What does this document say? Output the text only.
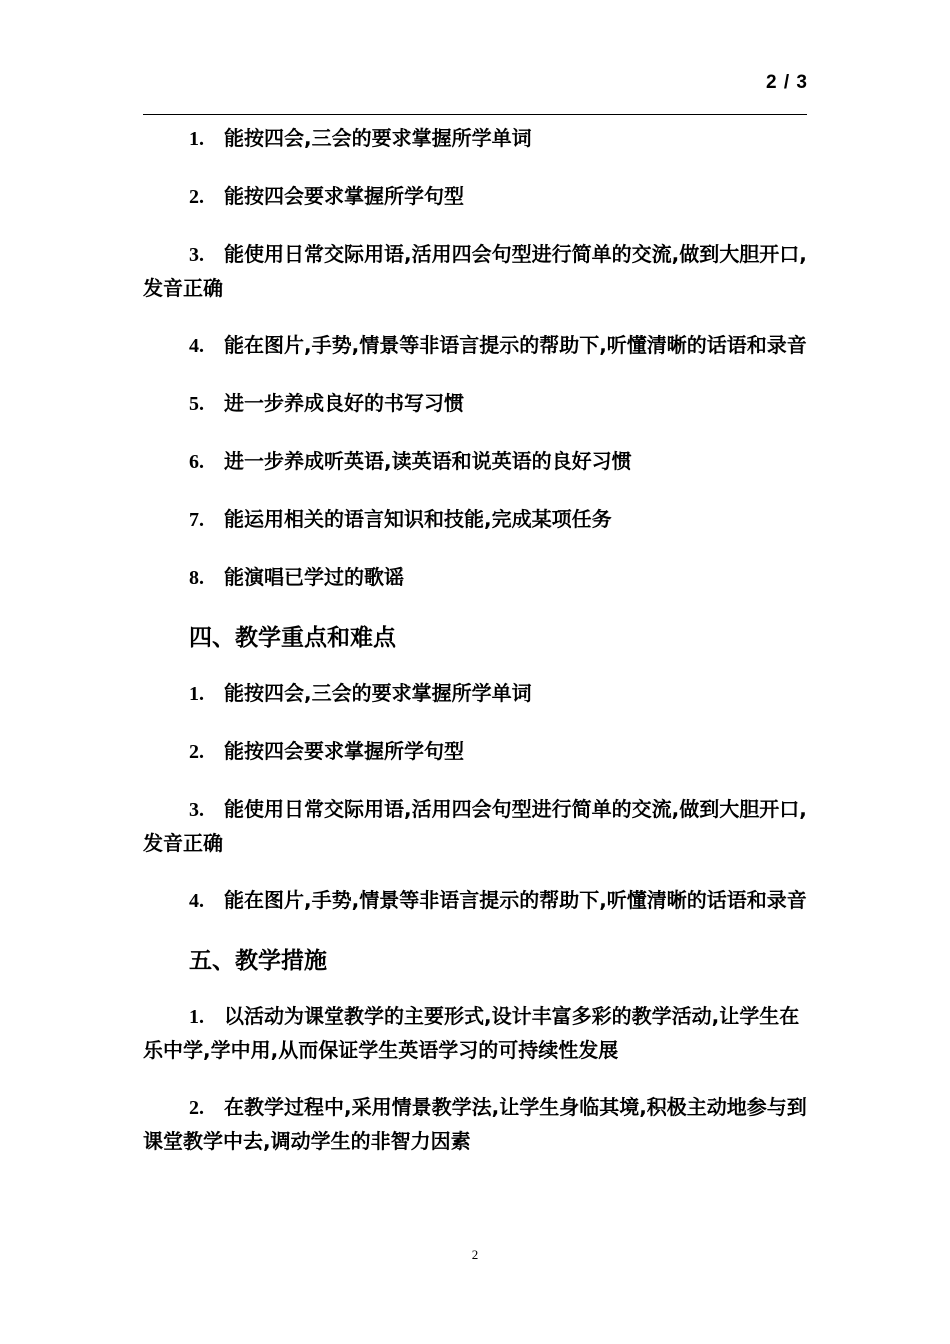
2 / 3

1.  能按四会,三会的要求掌握所学单词

2.  能按四会要求掌握所学句型

3.  能使用日常交际用语,活用四会句型进行简单的交流,做到大胆开口,发音正确

4.  能在图片,手势,情景等非语言提示的帮助下,听懂清晰的话语和录音

5.  进一步养成良好的书写习惯

6.  进一步养成听英语,读英语和说英语的良好习惯

7.  能运用相关的语言知识和技能,完成某项任务

8.  能演唱已学过的歌谣

四、教学重点和难点

1.  能按四会,三会的要求掌握所学单词

2.  能按四会要求掌握所学句型

3.  能使用日常交际用语,活用四会句型进行简单的交流,做到大胆开口,发音正确

4.  能在图片,手势,情景等非语言提示的帮助下,听懂清晰的话语和录音

五、教学措施

1.  以活动为课堂教学的主要形式,设计丰富多彩的教学活动,让学生在乐中学,学中用,从而保证学生英语学习的可持续性发展

2.  在教学过程中,采用情景教学法,让学生身临其境,积极主动地参与到课堂教学中去,调动学生的非智力因素

2
